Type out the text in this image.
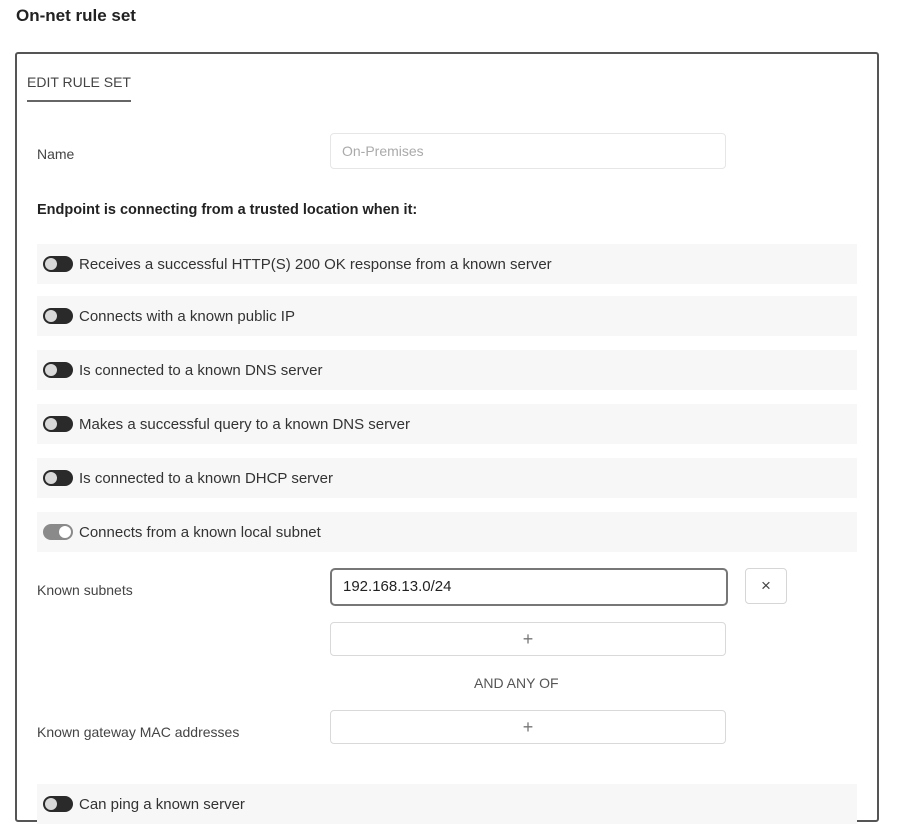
On-net rule set
EDIT RULE SET
Name	On-Premises
Endpoint is connecting from a trusted location when it:
Receives a successful HTTP(S) 200 OK response from a known server
Connects with a known public IP
Is connected to a known DNS server
Makes a successful query to a known DNS server
Is connected to a known DHCP server
Connects from a known local subnet
Known subnets	192.168.13.0/24	×
+
AND ANY OF
Known gateway MAC addresses	+
Can ping a known server
